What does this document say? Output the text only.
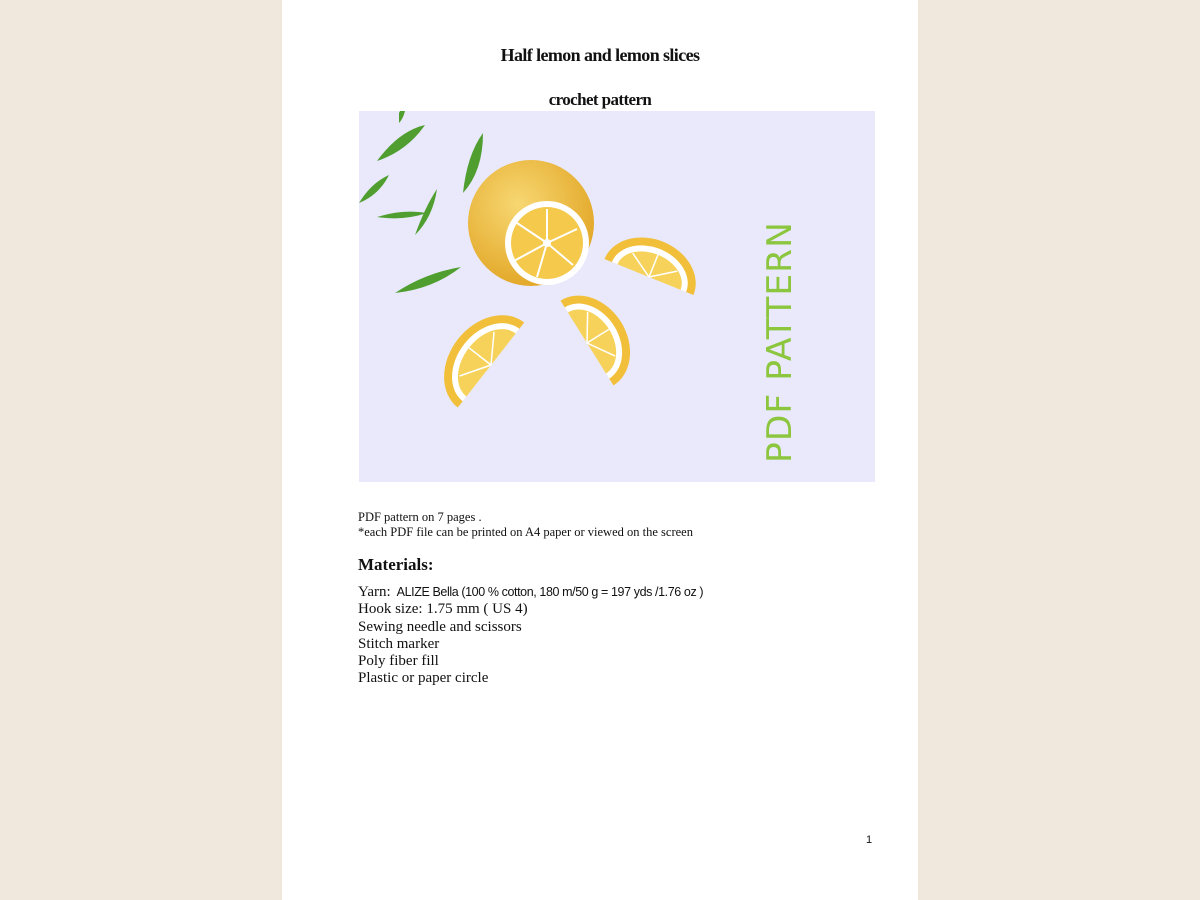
Half lemon and lemon slices
crochet pattern
PDF PATTERN
PDF pattern on 7 pages .
*each PDF file can be printed on A4 paper or viewed on the screen
Materials:
Yarn: ALIZE Bella (100 % cotton, 180 m/50 g = 197 yds /1.76 oz )
Hook size: 1.75 mm ( US 4)
Sewing needle and scissors
Stitch marker
Poly fiber fill
Plastic or paper circle
1
